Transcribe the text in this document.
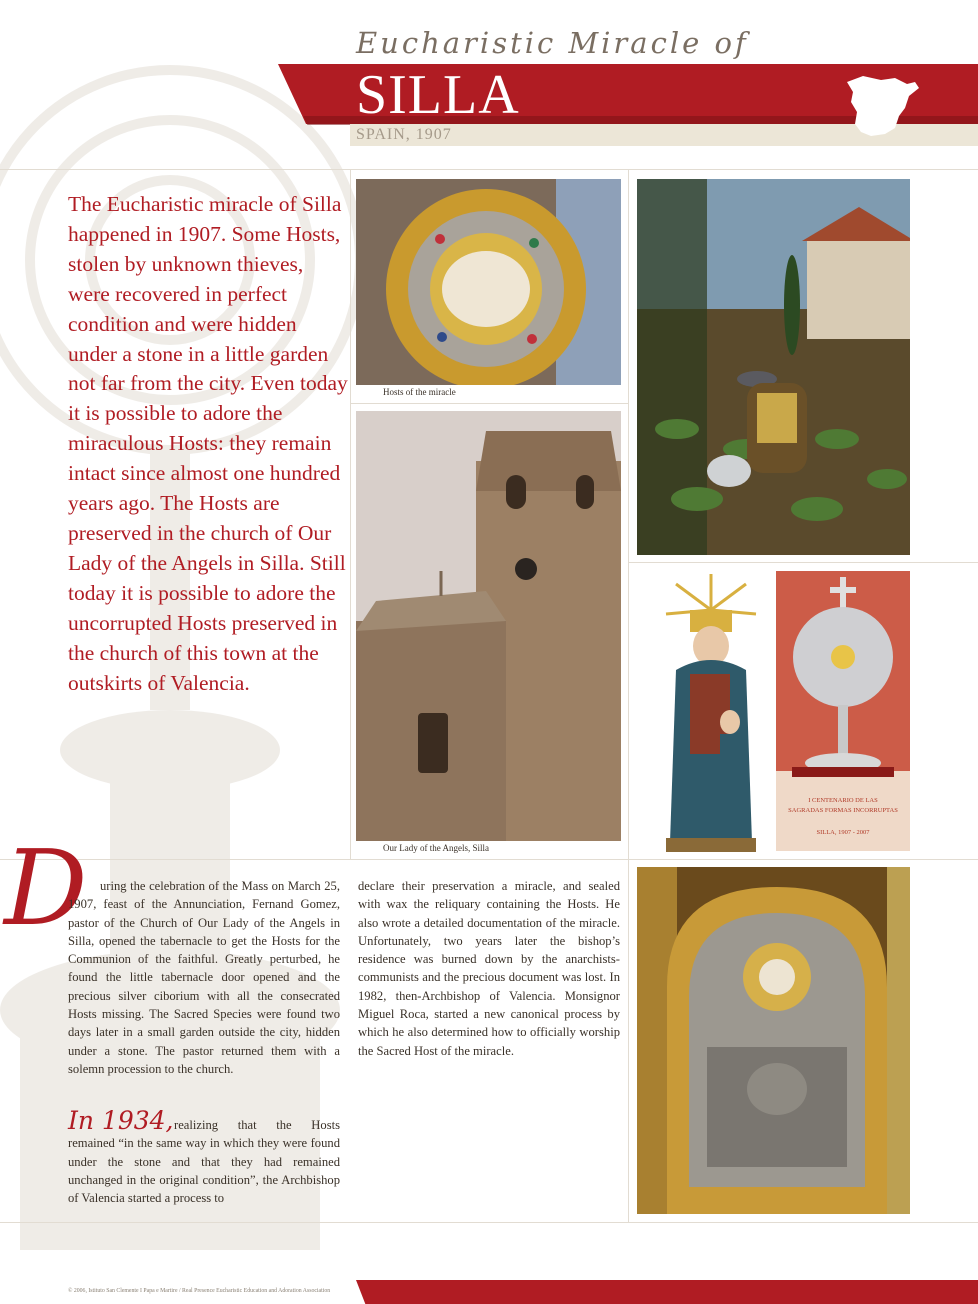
Eucharistic Miracle of
SILLA
SPAIN, 1907

The Eucharistic miracle of Silla happened in 1907. Some Hosts, stolen by unknown thieves, were recovered in perfect condition and were hidden under a stone in a little garden not far from the city. Even today it is possible to adore the miraculous Hosts: they remain intact since almost one hundred years ago. The Hosts are preserved in the church of Our Lady of the Angels in Silla. Still today it is possible to adore the uncorrupted Hosts preserved in the church of this town at the outskirts of Valencia.

Hosts of the miracle
Our Lady of the Angels, Silla
I CENTENARIO DE LAS
SAGRADAS FORMAS INCORRUPTAS
SILLA, 1907 - 2007
D	uring the celebration of the Mass on March 25, 1907, feast of the Annunciation, Fernand Gomez, pastor of the Church of Our Lady of the Angels in Silla, opened the tabernacle to get the Hosts for the Communion of the faithful. Greatly perturbed, he found the little tabernacle door opened and the precious silver ciborium with all the consecrated Hosts missing. The Sacred Species were found two days later in a small garden outside the city, hidden under a stone. The pastor returned them with a solemn procession to the church.

In 1934, realizing that the Hosts remained “in the same way in which they were found under the stone and that they had remained unchanged in the original condition”, the Archbishop of Valencia started a process to

declare their preservation a miracle, and sealed with wax the reliquary containing the Hosts. He also wrote a detailed documentation of the miracle. Unfortunately, two years later the bishop’s residence was burned down by the anarchists-communists and the precious document was lost. In 1982, then-Archbishop of Valencia. Monsignor Miguel Roca, started a new canonical process by which he also determined how to officially worship the Sacred Host of the miracle.

© 2006, Istituto San Clemente I Papa e Martire / Real Presence Eucharistic Education and Adoration Association
